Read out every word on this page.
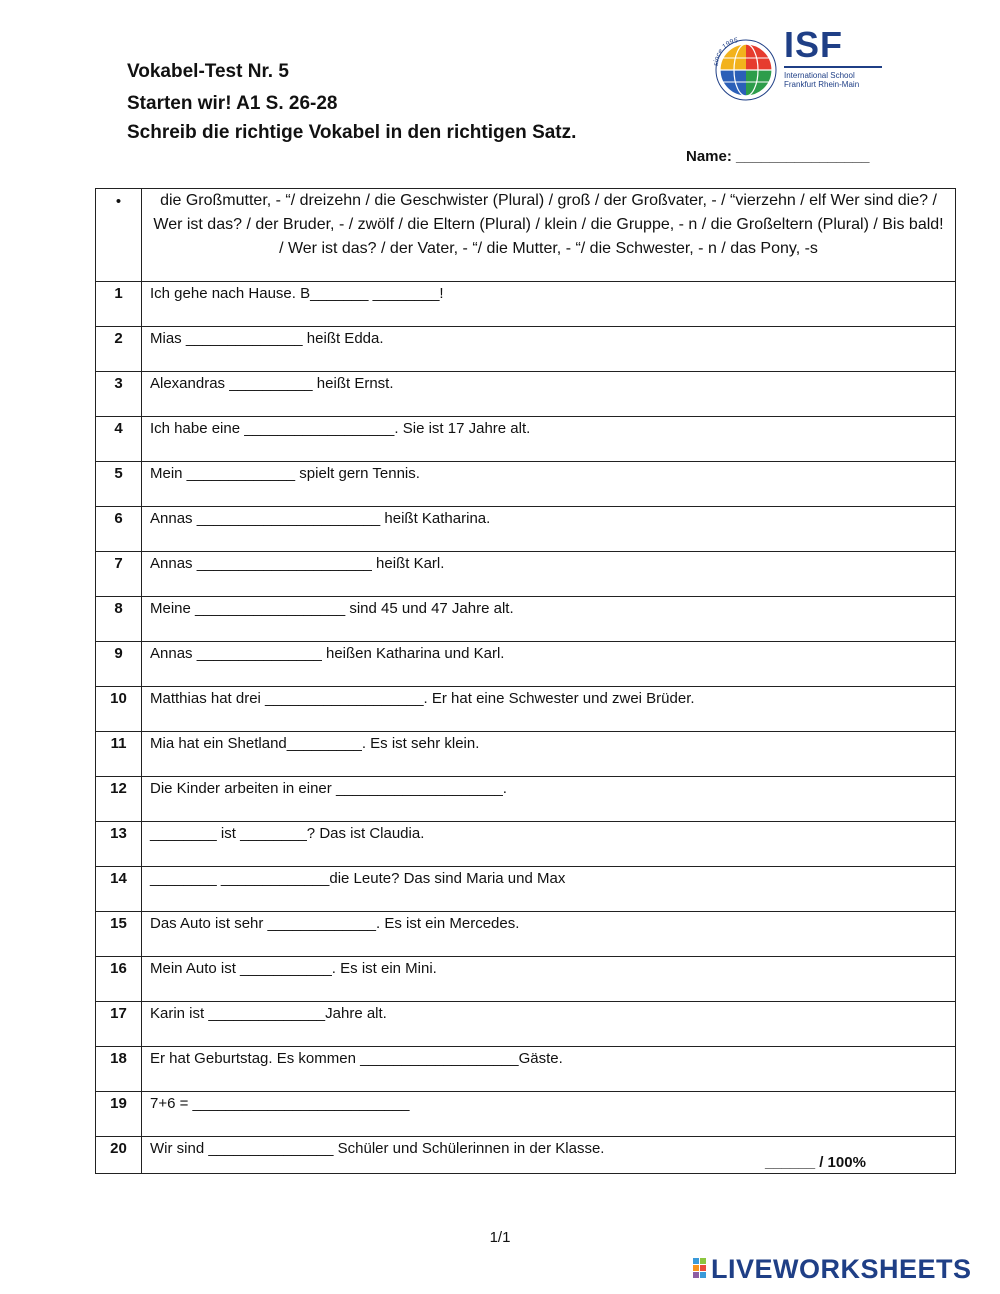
Vokabel-Test Nr. 5
Starten wir! A1 S. 26-28
Schreib die richtige Vokabel in den richtigen Satz.
Name: ________________
since 1995 ISF
International School
Frankfurt Rhein-Main
•	die Großmutter, - “/ dreizehn / die Geschwister (Plural) / groß / der Großvater, - / “vierzehn / elf Wer sind die? / Wer ist das? / der Bruder, - / zwölf / die Eltern (Plural) / klein / die Gruppe, - n / die Großeltern (Plural) / Bis bald! / Wer ist das? / der Vater, - “/ die Mutter, - “/ die Schwester, - n / das Pony, -s
1	Ich gehe nach Hause. B_______ ________!
2	Mias ______________ heißt Edda.
3	Alexandras __________ heißt Ernst.
4	Ich habe eine __________________. Sie ist 17 Jahre alt.
5	Mein _____________ spielt gern Tennis.
6	Annas ______________________ heißt Katharina.
7	Annas _____________________ heißt Karl.
8	Meine __________________ sind 45 und 47 Jahre alt.
9	Annas _______________ heißen Katharina und Karl.
10	Matthias hat drei ___________________. Er hat eine Schwester und zwei Brüder.
11	Mia hat ein Shetland_________. Es ist sehr klein.
12	Die Kinder arbeiten in einer ____________________.
13	________ ist ________? Das ist Claudia.
14	________ _____________die Leute? Das sind Maria und Max
15	Das Auto ist sehr _____________. Es ist ein Mercedes.
16	Mein Auto ist ___________. Es ist ein Mini.
17	Karin ist ______________Jahre alt.
18	Er hat Geburtstag. Es kommen ___________________Gäste.
19	7+6 = __________________________
20	Wir sind _______________ Schüler und Schülerinnen in der Klasse.
______ / 100%
1/1
LIVEWORKSHEETS
